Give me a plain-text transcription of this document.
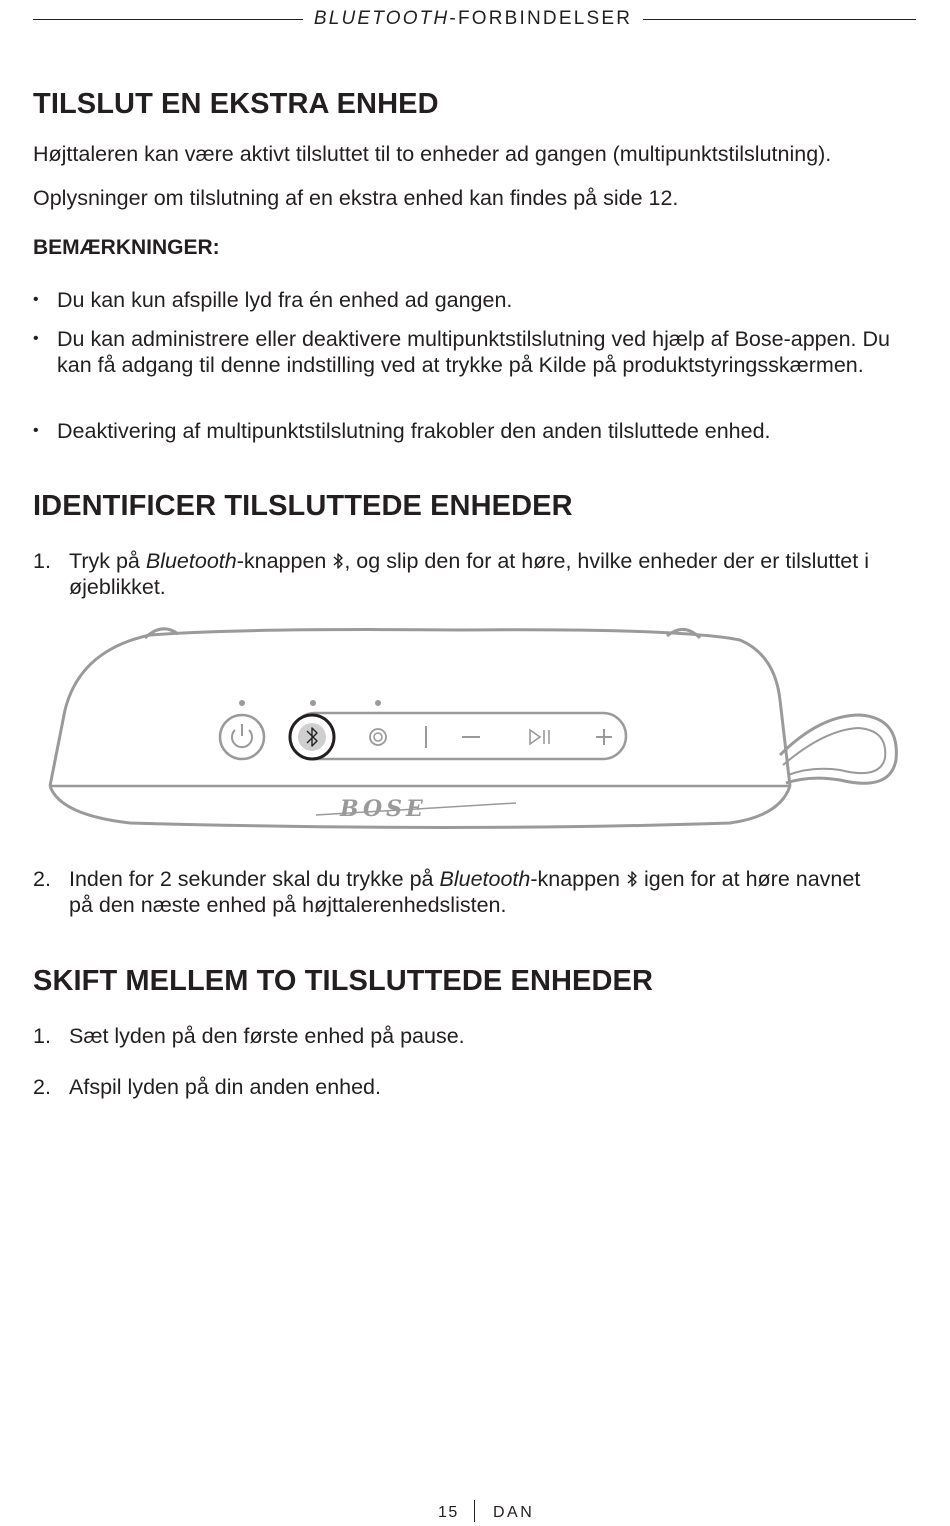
BLUETOOTH-FORBINDELSER
TILSLUT EN EKSTRA ENHED

Højttaleren kan være aktivt tilsluttet til to enheder ad gangen (multipunktstilslutning).

Oplysninger om tilslutning af en ekstra enhed kan findes på side 12.

BEMÆRKNINGER:

• Du kan kun afspille lyd fra én enhed ad gangen.
• Du kan administrere eller deaktivere multipunktstilslutning ved hjælp af Bose-appen. Du kan få adgang til denne indstilling ved at trykke på Kilde på produktstyringsskærmen.
• Deaktivering af multipunktstilslutning frakobler den anden tilsluttede enhed.
IDENTIFICER TILSLUTTEDE ENHEDER
1. Tryk på Bluetooth-knappen , og slip den for at høre, hvilke enheder der er tilsluttet i øjeblikket.
BOSE
2. Inden for 2 sekunder skal du trykke på Bluetooth-knappen  igen for at høre navnet på den næste enhed på højttalerenhedslisten.
SKIFT MELLEM TO TILSLUTTEDE ENHEDER
1. Sæt lyden på den første enhed på pause.
2. Afspil lyden på din anden enhed.
15 DAN
